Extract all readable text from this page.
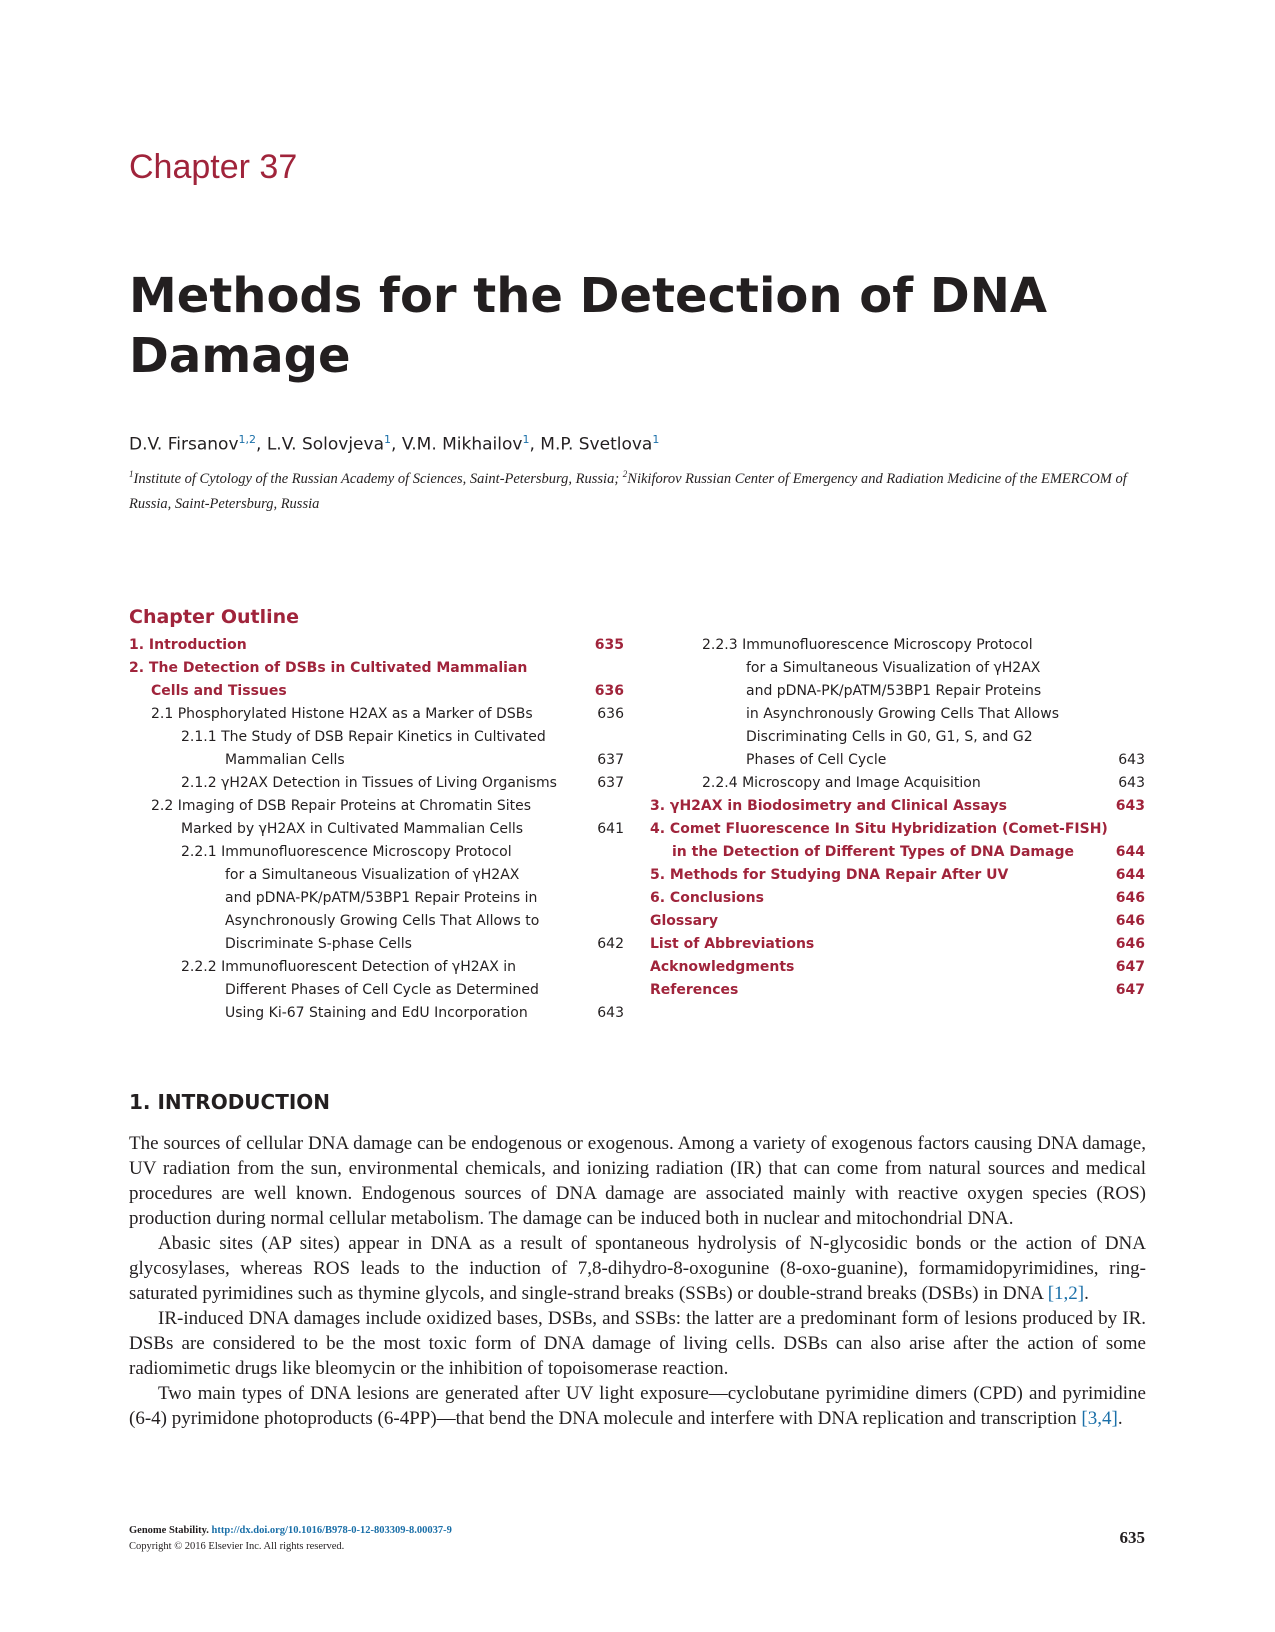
Chapter 37
Methods for the Detection of DNA
Damage
D.V. Firsanov$^{1,2}$, L.V. Solovjeva$^1$, V.M. Mikhailov$^1$, M.P. Svetlova$^1$
$^1$Institute of Cytology of the Russian Academy of Sciences, Saint-Petersburg, Russia; $^2$Nikiforov Russian Center of Emergency and Radiation Medicine of the EMERCOM of Russia, Saint-Petersburg, Russia
Chapter Outline
1. Introduction	635
2. The Detection of DSBs in Cultivated Mammalian
Cells and Tissues	636
2.1 Phosphorylated Histone H2AX as a Marker of DSBs	636
2.1.1 The Study of DSB Repair Kinetics in Cultivated
Mammalian Cells	637
2.1.2 γH2AX Detection in Tissues of Living Organisms	637
2.2 Imaging of DSB Repair Proteins at Chromatin Sites
Marked by γH2AX in Cultivated Mammalian Cells	641
2.2.1 Immunofluorescence Microscopy Protocol
for a Simultaneous Visualization of γH2AX
and pDNA-PK/pATM/53BP1 Repair Proteins in
Asynchronously Growing Cells That Allows to
Discriminate S-phase Cells	642
2.2.2 Immunofluorescent Detection of γH2AX in
Different Phases of Cell Cycle as Determined
Using Ki-67 Staining and EdU Incorporation	643
2.2.3 Immunofluorescence Microscopy Protocol
for a Simultaneous Visualization of γH2AX
and pDNA-PK/pATM/53BP1 Repair Proteins
in Asynchronously Growing Cells That Allows
Discriminating Cells in G0, G1, S, and G2
Phases of Cell Cycle	643
2.2.4 Microscopy and Image Acquisition	643
3. γH2AX in Biodosimetry and Clinical Assays	643
4. Comet Fluorescence In Situ Hybridization (Comet-FISH)
in the Detection of Different Types of DNA Damage	644
5. Methods for Studying DNA Repair After UV	644
6. Conclusions	646
Glossary	646
List of Abbreviations	646
Acknowledgments	647
References	647
1. INTRODUCTION

The sources of cellular DNA damage can be endogenous or exogenous. Among a variety of exogenous factors causing DNA damage, UV radiation from the sun, environmental chemicals, and ionizing radiation (IR) that can come from natural sources and medical procedures are well known. Endogenous sources of DNA damage are associated mainly with reactive oxygen species (ROS) production during normal cellular metabolism. The damage can be induced both in nuclear and mitochondrial DNA.

Abasic sites (AP sites) appear in DNA as a result of spontaneous hydrolysis of N-glycosidic bonds or the action of DNA glycosylases, whereas ROS leads to the induction of 7,8-dihydro-8-oxogunine (8-oxo-guanine), formamidopyrimidines, ring-saturated pyrimidines such as thymine glycols, and single-strand breaks (SSBs) or double-strand breaks (DSBs) in DNA [1,2].

IR-induced DNA damages include oxidized bases, DSBs, and SSBs: the latter are a predominant form of lesions produced by IR. DSBs are considered to be the most toxic form of DNA damage of living cells. DSBs can also arise after the action of some radiomimetic drugs like bleomycin or the inhibition of topoisomerase reaction.

Two main types of DNA lesions are generated after UV light exposure—cyclobutane pyrimidine dimers (CPD) and pyrimidine (6-4) pyrimidone photoproducts (6-4PP)—that bend the DNA molecule and interfere with DNA replication and transcription [3,4].

Genome Stability. http://dx.doi.org/10.1016/B978-0-12-803309-8.00037-9
Copyright © 2016 Elsevier Inc. All rights reserved.	635
